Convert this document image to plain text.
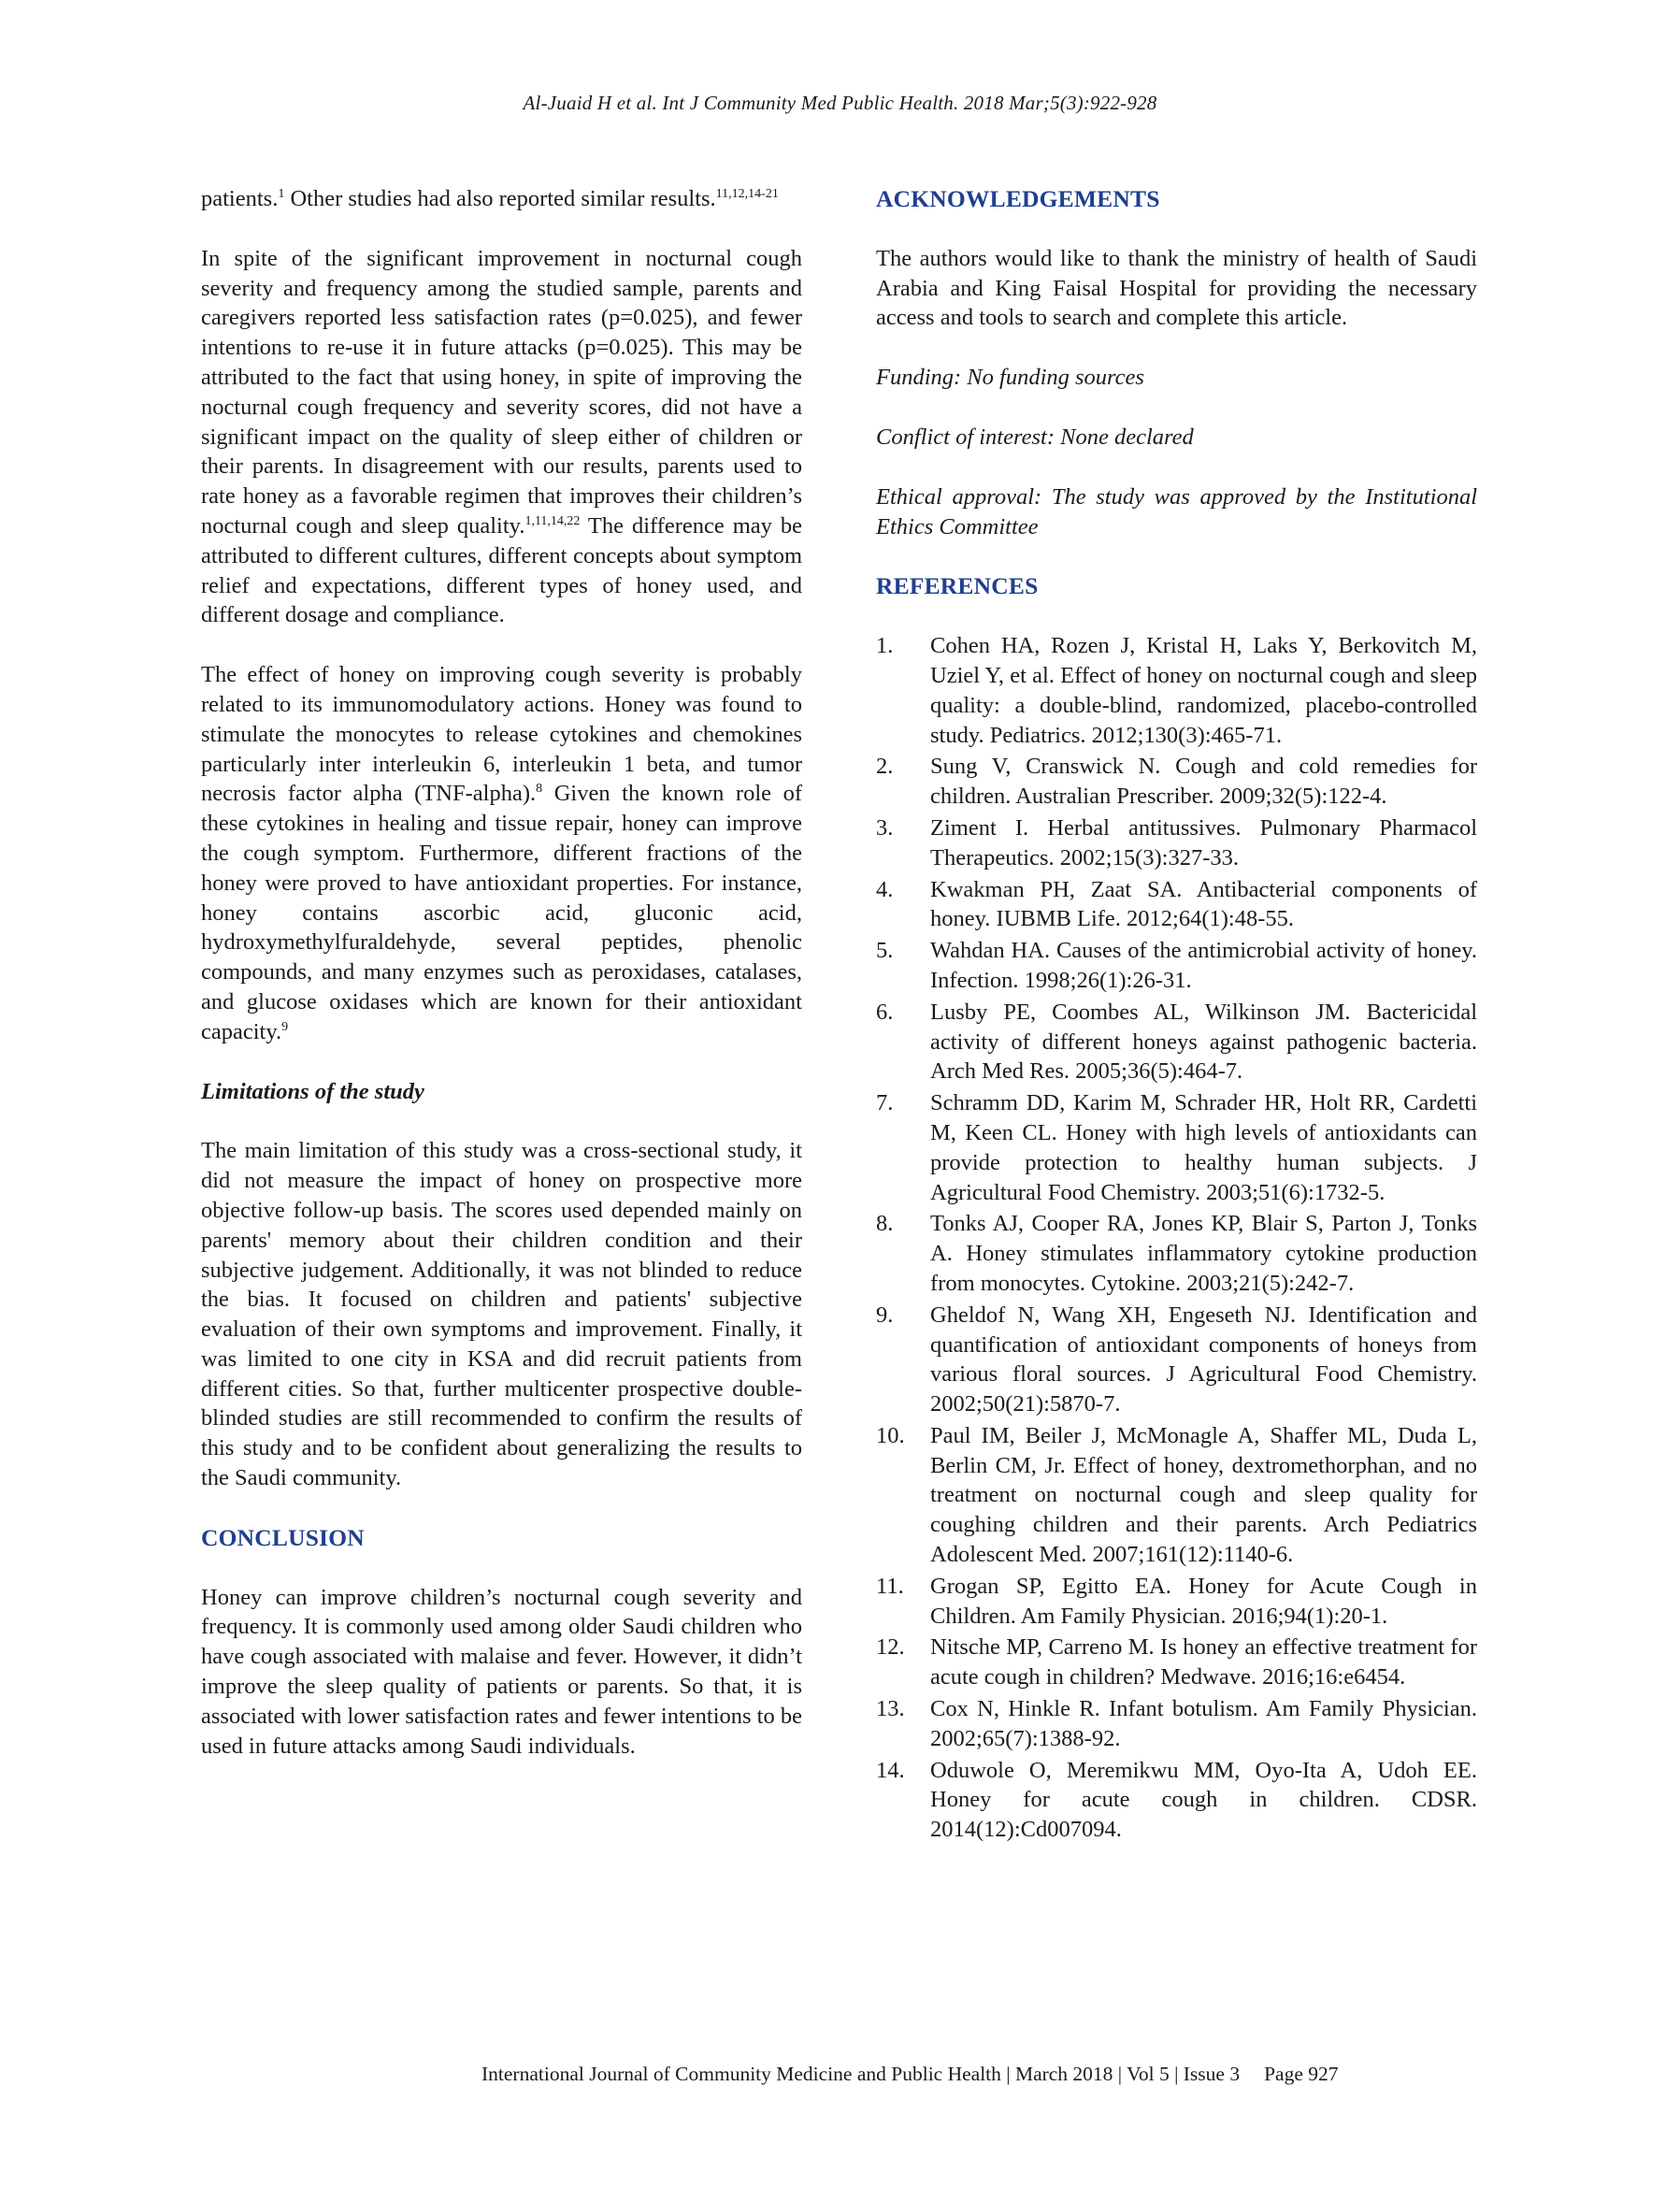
Al-Juaid H et al. Int J Community Med Public Health. 2018 Mar;5(3):922-928

patients.$^1$ Other studies had also reported similar results.$^{11,12,14-21}$

In spite of the significant improvement in nocturnal cough severity and frequency among the studied sample, parents and caregivers reported less satisfaction rates (p=0.025), and fewer intentions to re-use it in future attacks (p=0.025). This may be attributed to the fact that using honey, in spite of improving the nocturnal cough frequency and severity scores, did not have a significant impact on the quality of sleep either of children or their parents. In disagreement with our results, parents used to rate honey as a favorable regimen that improves their children’s nocturnal cough and sleep quality.$^{1,11,14,22}$ The difference may be attributed to different cultures, different concepts about symptom relief and expectations, different types of honey used, and different dosage and compliance.

The effect of honey on improving cough severity is probably related to its immunomodulatory actions. Honey was found to stimulate the monocytes to release cytokines and chemokines particularly inter interleukin 6, interleukin 1 beta, and tumor necrosis factor alpha (TNF-alpha).$^8$ Given the known role of these cytokines in healing and tissue repair, honey can improve the cough symptom. Furthermore, different fractions of the honey were proved to have antioxidant properties. For instance, honey contains ascorbic acid, gluconic acid, hydroxymethylfuraldehyde, several peptides, phenolic compounds, and many enzymes such as peroxidases, catalases, and glucose oxidases which are known for their antioxidant capacity.$^9$

Limitations of the study

The main limitation of this study was a cross-sectional study, it did not measure the impact of honey on prospective more objective follow-up basis. The scores used depended mainly on parents' memory about their children condition and their subjective judgement. Additionally, it was not blinded to reduce the bias. It focused on children and patients' subjective evaluation of their own symptoms and improvement. Finally, it was limited to one city in KSA and did recruit patients from different cities. So that, further multicenter prospective double-blinded studies are still recommended to confirm the results of this study and to be confident about generalizing the results to the Saudi community.

CONCLUSION

Honey can improve children’s nocturnal cough severity and frequency. It is commonly used among older Saudi children who have cough associated with malaise and fever. However, it didn’t improve the sleep quality of patients or parents. So that, it is associated with lower satisfaction rates and fewer intentions to be used in future attacks among Saudi individuals.

ACKNOWLEDGEMENTS

The authors would like to thank the ministry of health of Saudi Arabia and King Faisal Hospital for providing the necessary access and tools to search and complete this article.

Funding: No funding sources

Conflict of interest: None declared

Ethical approval: The study was approved by the Institutional Ethics Committee

REFERENCES
1. Cohen HA, Rozen J, Kristal H, Laks Y, Berkovitch M, Uziel Y, et al. Effect of honey on nocturnal cough and sleep quality: a double-blind, randomized, placebo-controlled study. Pediatrics. 2012;130(3):465-71.
2. Sung V, Cranswick N. Cough and cold remedies for children. Australian Prescriber. 2009;32(5):122-4.
3. Ziment I. Herbal antitussives. Pulmonary Pharmacol Therapeutics. 2002;15(3):327-33.
4. Kwakman PH, Zaat SA. Antibacterial components of honey. IUBMB Life. 2012;64(1):48-55.
5. Wahdan HA. Causes of the antimicrobial activity of honey. Infection. 1998;26(1):26-31.
6. Lusby PE, Coombes AL, Wilkinson JM. Bactericidal activity of different honeys against pathogenic bacteria. Arch Med Res. 2005;36(5):464-7.
7. Schramm DD, Karim M, Schrader HR, Holt RR, Cardetti M, Keen CL. Honey with high levels of antioxidants can provide protection to healthy human subjects. J Agricultural Food Chemistry. 2003;51(6):1732-5.
8. Tonks AJ, Cooper RA, Jones KP, Blair S, Parton J, Tonks A. Honey stimulates inflammatory cytokine production from monocytes. Cytokine. 2003;21(5):242-7.
9. Gheldof N, Wang XH, Engeseth NJ. Identification and quantification of antioxidant components of honeys from various floral sources. J Agricultural Food Chemistry. 2002;50(21):5870-7.
10. Paul IM, Beiler J, McMonagle A, Shaffer ML, Duda L, Berlin CM, Jr. Effect of honey, dextromethorphan, and no treatment on nocturnal cough and sleep quality for coughing children and their parents. Arch Pediatrics Adolescent Med. 2007;161(12):1140-6.
11. Grogan SP, Egitto EA. Honey for Acute Cough in Children. Am Family Physician. 2016;94(1):20-1.
12. Nitsche MP, Carreno M. Is honey an effective treatment for acute cough in children? Medwave. 2016;16:e6454.
13. Cox N, Hinkle R. Infant botulism. Am Family Physician. 2002;65(7):1388-92.
14. Oduwole O, Meremikwu MM, Oyo-Ita A, Udoh EE. Honey for acute cough in children. CDSR. 2014(12):Cd007094.
International Journal of Community Medicine and Public Health | March 2018 | Vol 5 | Issue 3 Page 927
